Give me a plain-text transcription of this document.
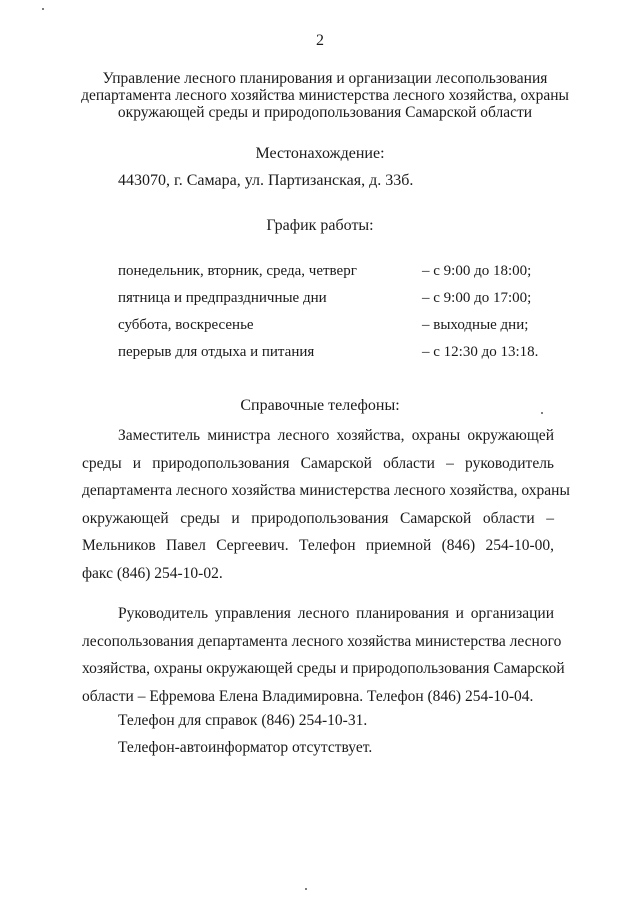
2
Управление лесного планирования и организации лесопользования
департамента лесного хозяйства министерства лесного хозяйства, охраны
окружающей среды и природопользования Самарской области
Местонахождение:
443070, г. Самара, ул. Партизанская, д. 33б.
График работы:
понедельник, вторник, среда, четверг	– с 9:00 до 18:00;
пятница и предпраздничные дни	– с 9:00 до 17:00;
суббота, воскресенье	– выходные дни;
перерыв для отдыха и питания	– с 12:30 до 13:18.
Справочные телефоны:
Заместитель министра лесного хозяйства, охраны окружающей
среды и природопользования Самарской области – руководитель
департамента лесного хозяйства министерства лесного хозяйства, охраны
окружающей среды и природопользования Самарской области –
Мельников Павел Сергеевич. Телефон приемной (846) 254-10-00,
факс (846) 254-10-02.
Руководитель управления лесного планирования и организации
лесопользования департамента лесного хозяйства министерства лесного
хозяйства, охраны окружающей среды и природопользования Самарской
области – Ефремова Елена Владимировна. Телефон (846) 254-10-04.
Телефон для справок (846) 254-10-31.
Телефон-автоинформатор отсутствует.
